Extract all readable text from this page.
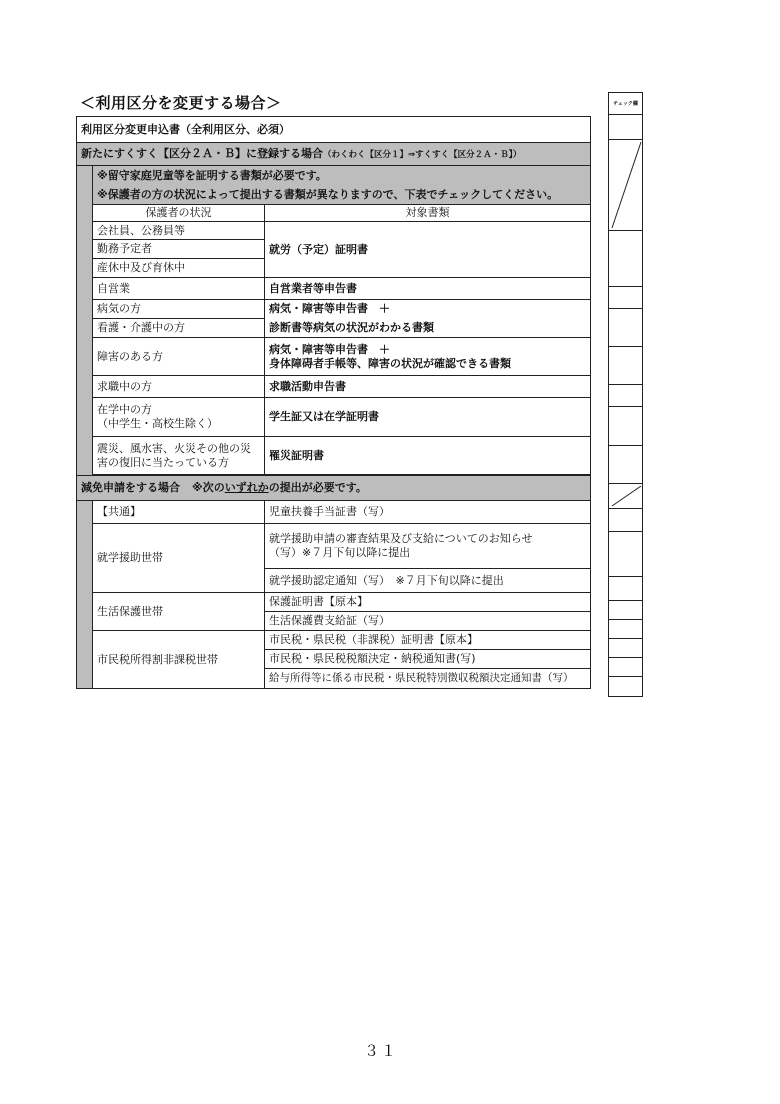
＜利用区分を変更する場合＞
利用区分変更申込書（全利用区分、必須）		
新たにすくすく【区分２Ａ・Ｂ】に登録する場合（わくわく【区分１】⇒すくすく【区分２Ａ・Ｂ】）		
	※留守家庭児童等を証明する書類が必要です。	
	※保護者の方の状況によって提出する書類が異なりますので、下表でチェックしてください。	
	保護者の状況	対象書類
	会社員、公務員等	就労（予定）証明書
	勤務予定者	
	産休中及び育休中	
	自営業	自営業者等申告書
	病気の方	病気・障害等申告書　＋
	看護・介護中の方	診断書等病気の状況がわかる書類
	障害のある方	病気・障害等申告書　＋
身体障碍者手帳等、障害の状況が確認できる書類

	求職中の方	求職活動申告書

	在学中の方
（中学生・高校生除く）	学生証又は在学証明書

	震災、風水害、火災その他の災
害の復旧に当たっている方	罹災証明書

減免申請をする場合 ※次のいずれかの提出が必要です。		
	【共通】	児童扶養手当証書（写）
	就学援助世帯	就学援助申請の審査結果及び支給についてのお知らせ
（写）※７月下旬以降に提出

		就学援助認定通知（写）　※７月下旬以降に提出
	生活保護世帯	保護証明書【原本】
		生活保護費支給証（写）
	市民税所得割非課税世帯	市民税・県民税（非課税）証明書【原本】
		市民税・県民税税額決定・納税通知書(写)
		給与所得等に係る市民税・県民税特別徴収税額決定通知書（写）
チェック欄

３１
